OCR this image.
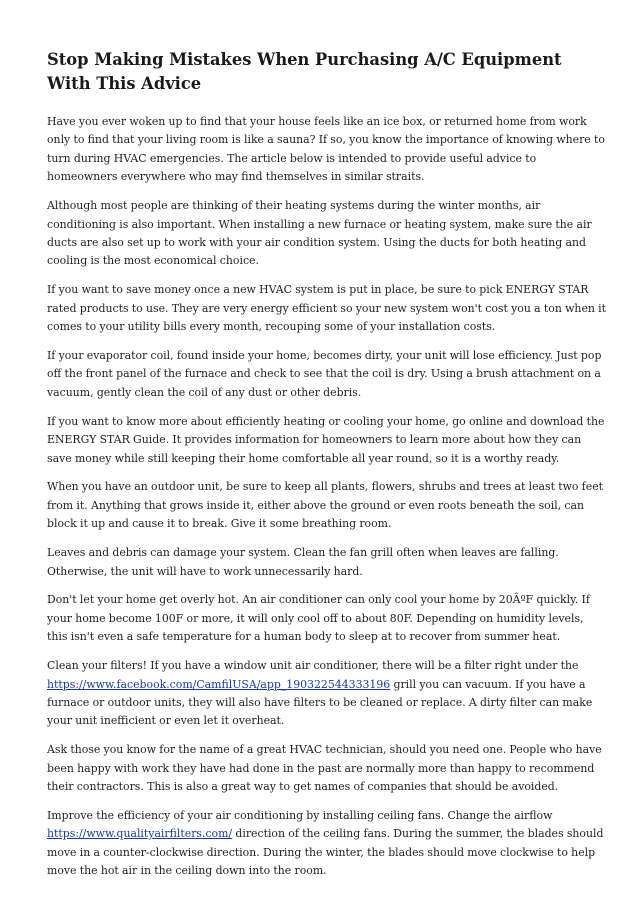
Stop Making Mistakes When Purchasing A/C Equipment With This Advice

Have you ever woken up to find that your house feels like an ice box, or returned home from work only to find that your living room is like a sauna? If so, you know the importance of knowing where to turn during HVAC emergencies. The article below is intended to provide useful advice to homeowners everywhere who may find themselves in similar straits.

Although most people are thinking of their heating systems during the winter months, air conditioning is also important. When installing a new furnace or heating system, make sure the air ducts are also set up to work with your air condition system. Using the ducts for both heating and cooling is the most economical choice.

If you want to save money once a new HVAC system is put in place, be sure to pick ENERGY STAR rated products to use. They are very energy efficient so your new system won't cost you a ton when it comes to your utility bills every month, recouping some of your installation costs.

If your evaporator coil, found inside your home, becomes dirty, your unit will lose efficiency. Just pop off the front panel of the furnace and check to see that the coil is dry. Using a brush attachment on a vacuum, gently clean the coil of any dust or other debris.

If you want to know more about efficiently heating or cooling your home, go online and download the ENERGY STAR Guide. It provides information for homeowners to learn more about how they can save money while still keeping their home comfortable all year round, so it is a worthy ready.

When you have an outdoor unit, be sure to keep all plants, flowers, shrubs and trees at least two feet from it. Anything that grows inside it, either above the ground or even roots beneath the soil, can block it up and cause it to break. Give it some breathing room.

Leaves and debris can damage your system. Clean the fan grill often when leaves are falling. Otherwise, the unit will have to work unnecessarily hard.

Don't let your home get overly hot. An air conditioner can only cool your home by 20ÂºF quickly. If your home become 100F or more, it will only cool off to about 80F. Depending on humidity levels, this isn't even a safe temperature for a human body to sleep at to recover from summer heat.

Clean your filters! If you have a window unit air conditioner, there will be a filter right under the https://www.facebook.com/CamfilUSA/app_190322544333196 grill you can vacuum. If you have a furnace or outdoor units, they will also have filters to be cleaned or replace. A dirty filter can make your unit inefficient or even let it overheat.

Ask those you know for the name of a great HVAC technician, should you need one. People who have been happy with work they have had done in the past are normally more than happy to recommend their contractors. This is also a great way to get names of companies that should be avoided.

Improve the efficiency of your air conditioning by installing ceiling fans. Change the airflow https://www.qualityairfilters.com/ direction of the ceiling fans. During the summer, the blades should move in a counter-clockwise direction. During the winter, the blades should move clockwise to help move the hot air in the ceiling down into the room.
